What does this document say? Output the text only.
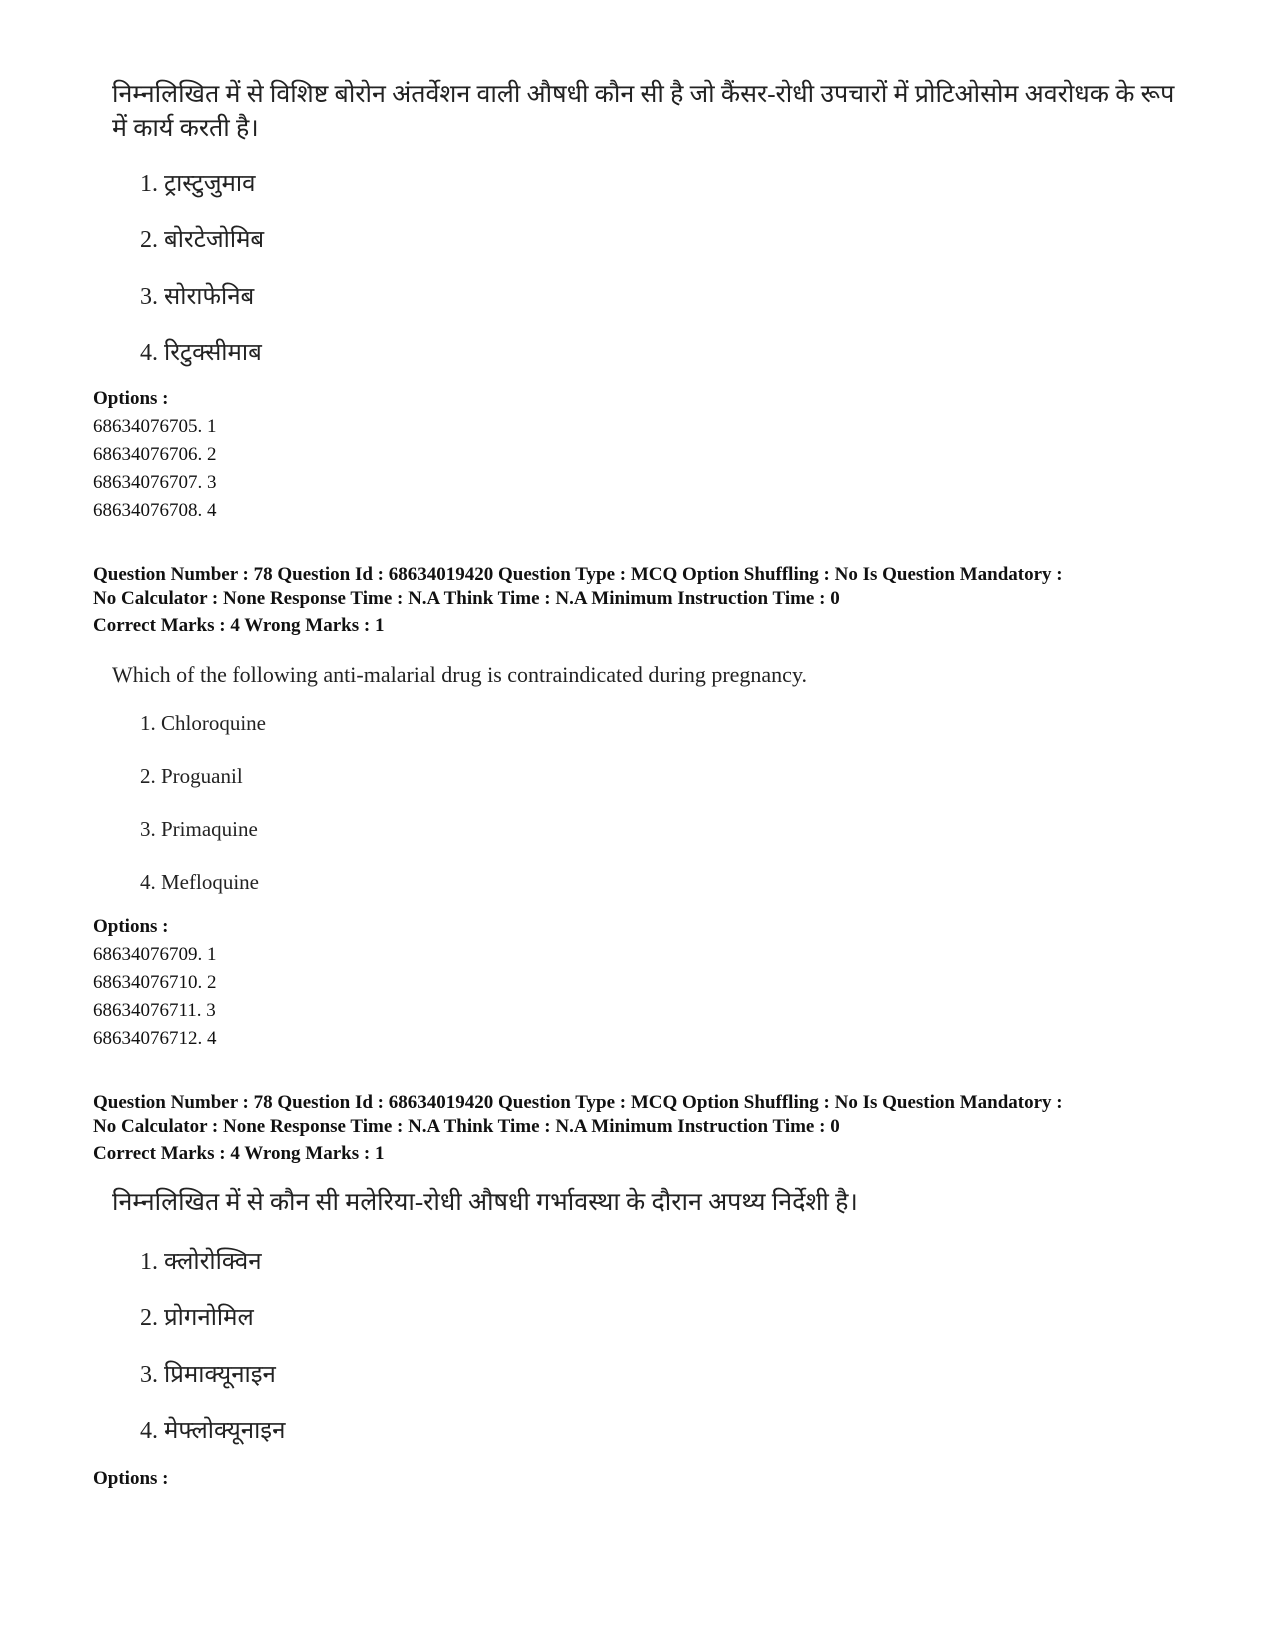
निम्नलिखित में से विशिष्ट बोरोन अंतर्वेशन वाली औषधी कौन सी है जो कैंसर-रोधी उपचारों में प्रोटिओसोम अवरोधक के रूप में कार्य करती है।
1. ट्रास्टुजुमाव
2. बोरटेजोमिब
3. सोराफेनिब
4. रिटुक्सीमाब
Options :
68634076705. 1
68634076706. 2
68634076707. 3
68634076708. 4
Question Number : 78 Question Id : 68634019420 Question Type : MCQ Option Shuffling : No Is Question Mandatory :
No Calculator : None Response Time : N.A Think Time : N.A Minimum Instruction Time : 0
Correct Marks : 4 Wrong Marks : 1
Which of the following anti-malarial drug is contraindicated during pregnancy.
1. Chloroquine
2. Proguanil
3. Primaquine
4. Mefloquine
Options :
68634076709. 1
68634076710. 2
68634076711. 3
68634076712. 4
Question Number : 78 Question Id : 68634019420 Question Type : MCQ Option Shuffling : No Is Question Mandatory :
No Calculator : None Response Time : N.A Think Time : N.A Minimum Instruction Time : 0
Correct Marks : 4 Wrong Marks : 1
निम्नलिखित में से कौन सी मलेरिया-रोधी औषधी गर्भावस्था के दौरान अपथ्य निर्देशी है।
1. क्लोरोक्विन
2. प्रोगनोमिल
3. प्रिमाक्यूनाइन
4. मेफ्लोक्यूनाइन
Options :
